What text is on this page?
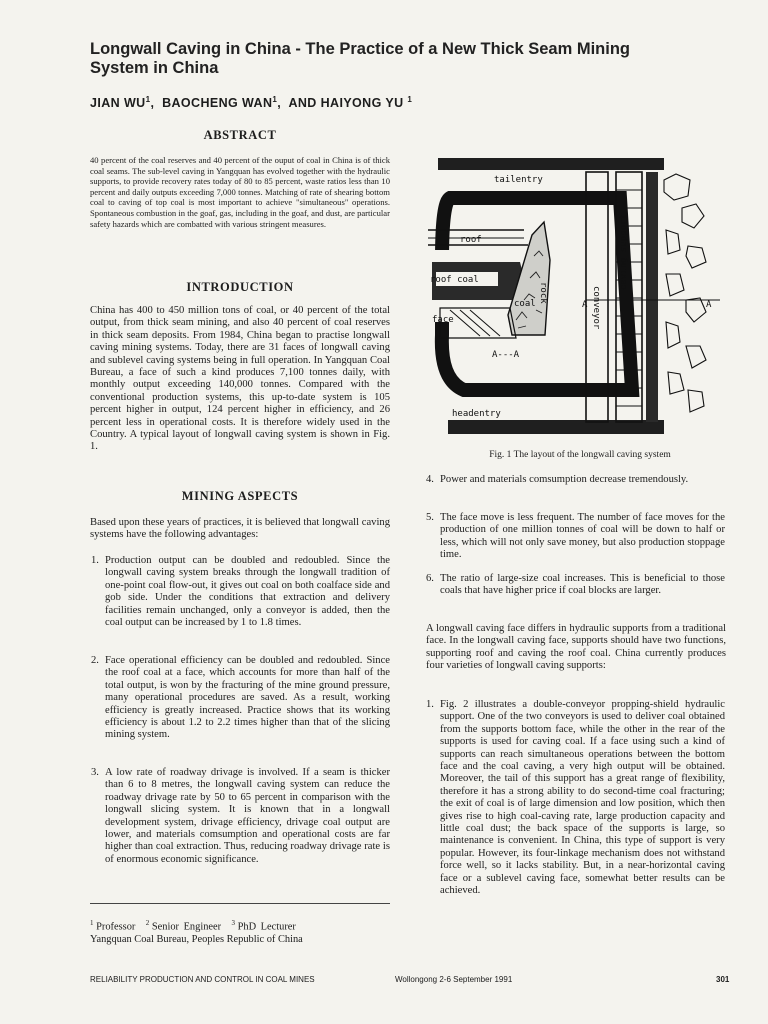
Longwall Caving in China - The Practice of a New Thick Seam Mining System in China
JIAN $WU^1$,  BAOCHENG WAN$^1$,  AND HAIYONG YU $^1$
ABSTRACT

40 percent of the coal reserves and 40 percent of the ouput of coal in China is of thick coal seams. The sub-level caving in Yangquan has evolved together with the hydraulic supports, to provide recovery rates today of 80 to 85 percent, waste ratios less than 10 percent and daily outputs exceeding 7,000 tonnes. Matching of rate of shearing bottom coal to caving of top coal is most important to achieve "simultaneous" operations. Spontaneous combustion in the goaf, gas, including in the goaf, and dust, are particular safety hazards which are combatted with various stringent measures.

INTRODUCTION

China has 400 to 450 million tons of coal, or 40 percent of the total output, from thick seam mining, and also 40 percent of coal reserves in thick seam deposits. From 1984, China began to practise longwall caving mining systems. Today, there are 31 faces of longwall caving and sublevel caving systems being in full operation. In Yangquan Coal Bureau, a face of such a kind produces 7,100 tonnes daily, with monthly output exceeding 140,000 tonnes. Compared with the conventional production systems, this up-to-date system is 105 percent higher in output, 124 percent higher in efficiency, and 26 percent less in operational costs. It is therefore widely used in the Country. A typical layout of longwall caving system is shown in Fig. 1.

MINING ASPECTS

Based upon these years of practices, it is believed that longwall caving systems have the following advantages:

1. Production output can be doubled and redoubled. Since the longwall caving system breaks through the longwall tradition of one-point coal flow-out, it gives out coal on both coalface side and gob side. Under the conditions that extraction and delivery facilities remain unchanged, only a conveyor is added, then the coal output can be increased by 1 to 1.8 times.
2. Face operational efficiency can be doubled and redoubled. Since the roof coal at a face, which accounts for more than half of the total output, is won by the fracturing of the mine ground pressure, many operational procedures are saved. As a result, working efficiency is greatly increased. Practice shows that its working efficiency is about 1.2 to 2.2 times higher than that of the slicing mining system.
3. A low rate of roadway drivage is involved. If a seam is thicker than 6 to 8 metres, the longwall caving system can reduce the roadway drivage rate by 50 to 65 percent in comparison with the longwall slicing system. It is known that in a longwall development system, drivage efficiency, drivage coal output are lower, and materials comsumption and operational costs are far higher than coal extraction. Thus, reducing roadway drivage rate is of enormous economic significance.
$^1$ Professor $^2$ Senior Engineer $^3$ PhD Lecturer
Yangquan Coal Bureau, Peoples Republic of China
tailentry
roof
roof coal
coal
face
rock	conveyor
caving support
A---A
A	A
headentry

Fig. 1 The layout of the longwall caving system

4. Power and materials comsumption decrease tremendously.
5. The face move is less frequent. The number of face moves for the production of one million tonnes of coal will be down to half or less, which will not only save money, but also production stoppage time.
6. The ratio of large-size coal increases. This is beneficial to those coals that have higher price if coal blocks are larger.

A longwall caving face differs in hydraulic supports from a traditional face. In the longwall caving face, supports should have two functions, supporting roof and caving the roof coal. China currently produces four varieties of longwall caving supports:

1. Fig. 2 illustrates a double-conveyor propping-shield hydraulic support. One of the two conveyors is used to deliver coal obtained from the supports bottom face, while the other in the rear of the supports is used for caving coal. If a face using such a kind of supports can reach simultaneous operations between the bottom face and the coal caving, a very high output will be obtained. Moreover, the tail of this support has a great range of flexibility, therefore it has a strong ability to do second-time coal fracturing; the exit of coal is of large dimension and low position, which then gives rise to high coal-caving rate, large production capacity and little coal dust; the back space of the supports is large, so maintenance is convenient. In China, this type of support is very popular. However, its four-linkage mechanism does not withstand force well, so it lacks stability. But, in a near-horizontal caving face or a sublevel caving face, somewhat better results can be achieved.

RELIABILITY PRODUCTION AND CONTROL IN COAL MINES	Wollongong 2-6 September 1991	301
